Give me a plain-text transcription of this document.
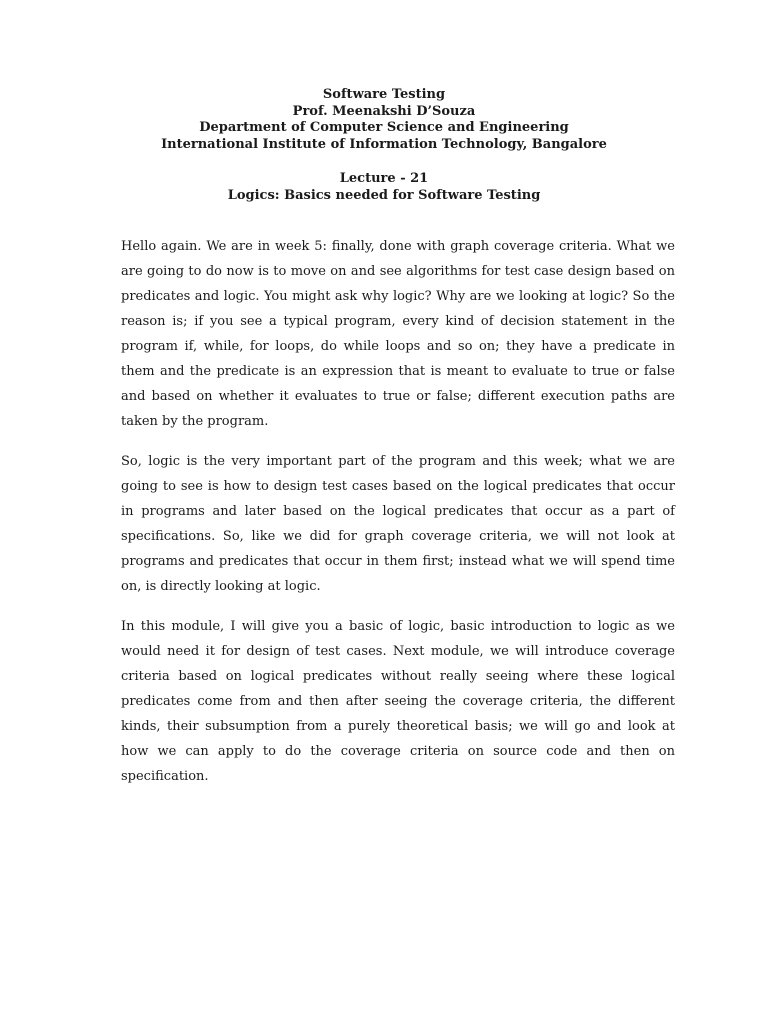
Software Testing
Prof. Meenakshi D’Souza
Department of Computer Science and Engineering
International Institute of Information Technology, Bangalore
Lecture - 21
Logics: Basics needed for Software Testing

Hello again. We are in week 5: finally, done with graph coverage criteria. What we are going to do now is to move on and see algorithms for test case design based on predicates and logic. You might ask why logic? Why are we looking at logic? So the reason is; if you see a typical program, every kind of decision statement in the program if, while, for loops, do while loops and so on; they have a predicate in them and the predicate is an expression that is meant to evaluate to true or false and based on whether it evaluates to true or false; different execution paths are taken by the program.

So, logic is the very important part of the program and this week; what we are going to see is how to design test cases based on the logical predicates that occur in programs and later based on the logical predicates that occur as a part of specifications. So, like we did for graph coverage criteria, we will not look at programs and predicates that occur in them first; instead what we will spend time on, is directly looking at logic.

In this module, I will give you a basic of logic, basic introduction to logic as we would need it for design of test cases. Next module, we will introduce coverage criteria based on logical predicates without really seeing where these logical predicates come from and then after seeing the coverage criteria, the different kinds, their subsumption from a purely theoretical basis; we will go and look at how we can apply to do the coverage criteria on source code and then on specification.
